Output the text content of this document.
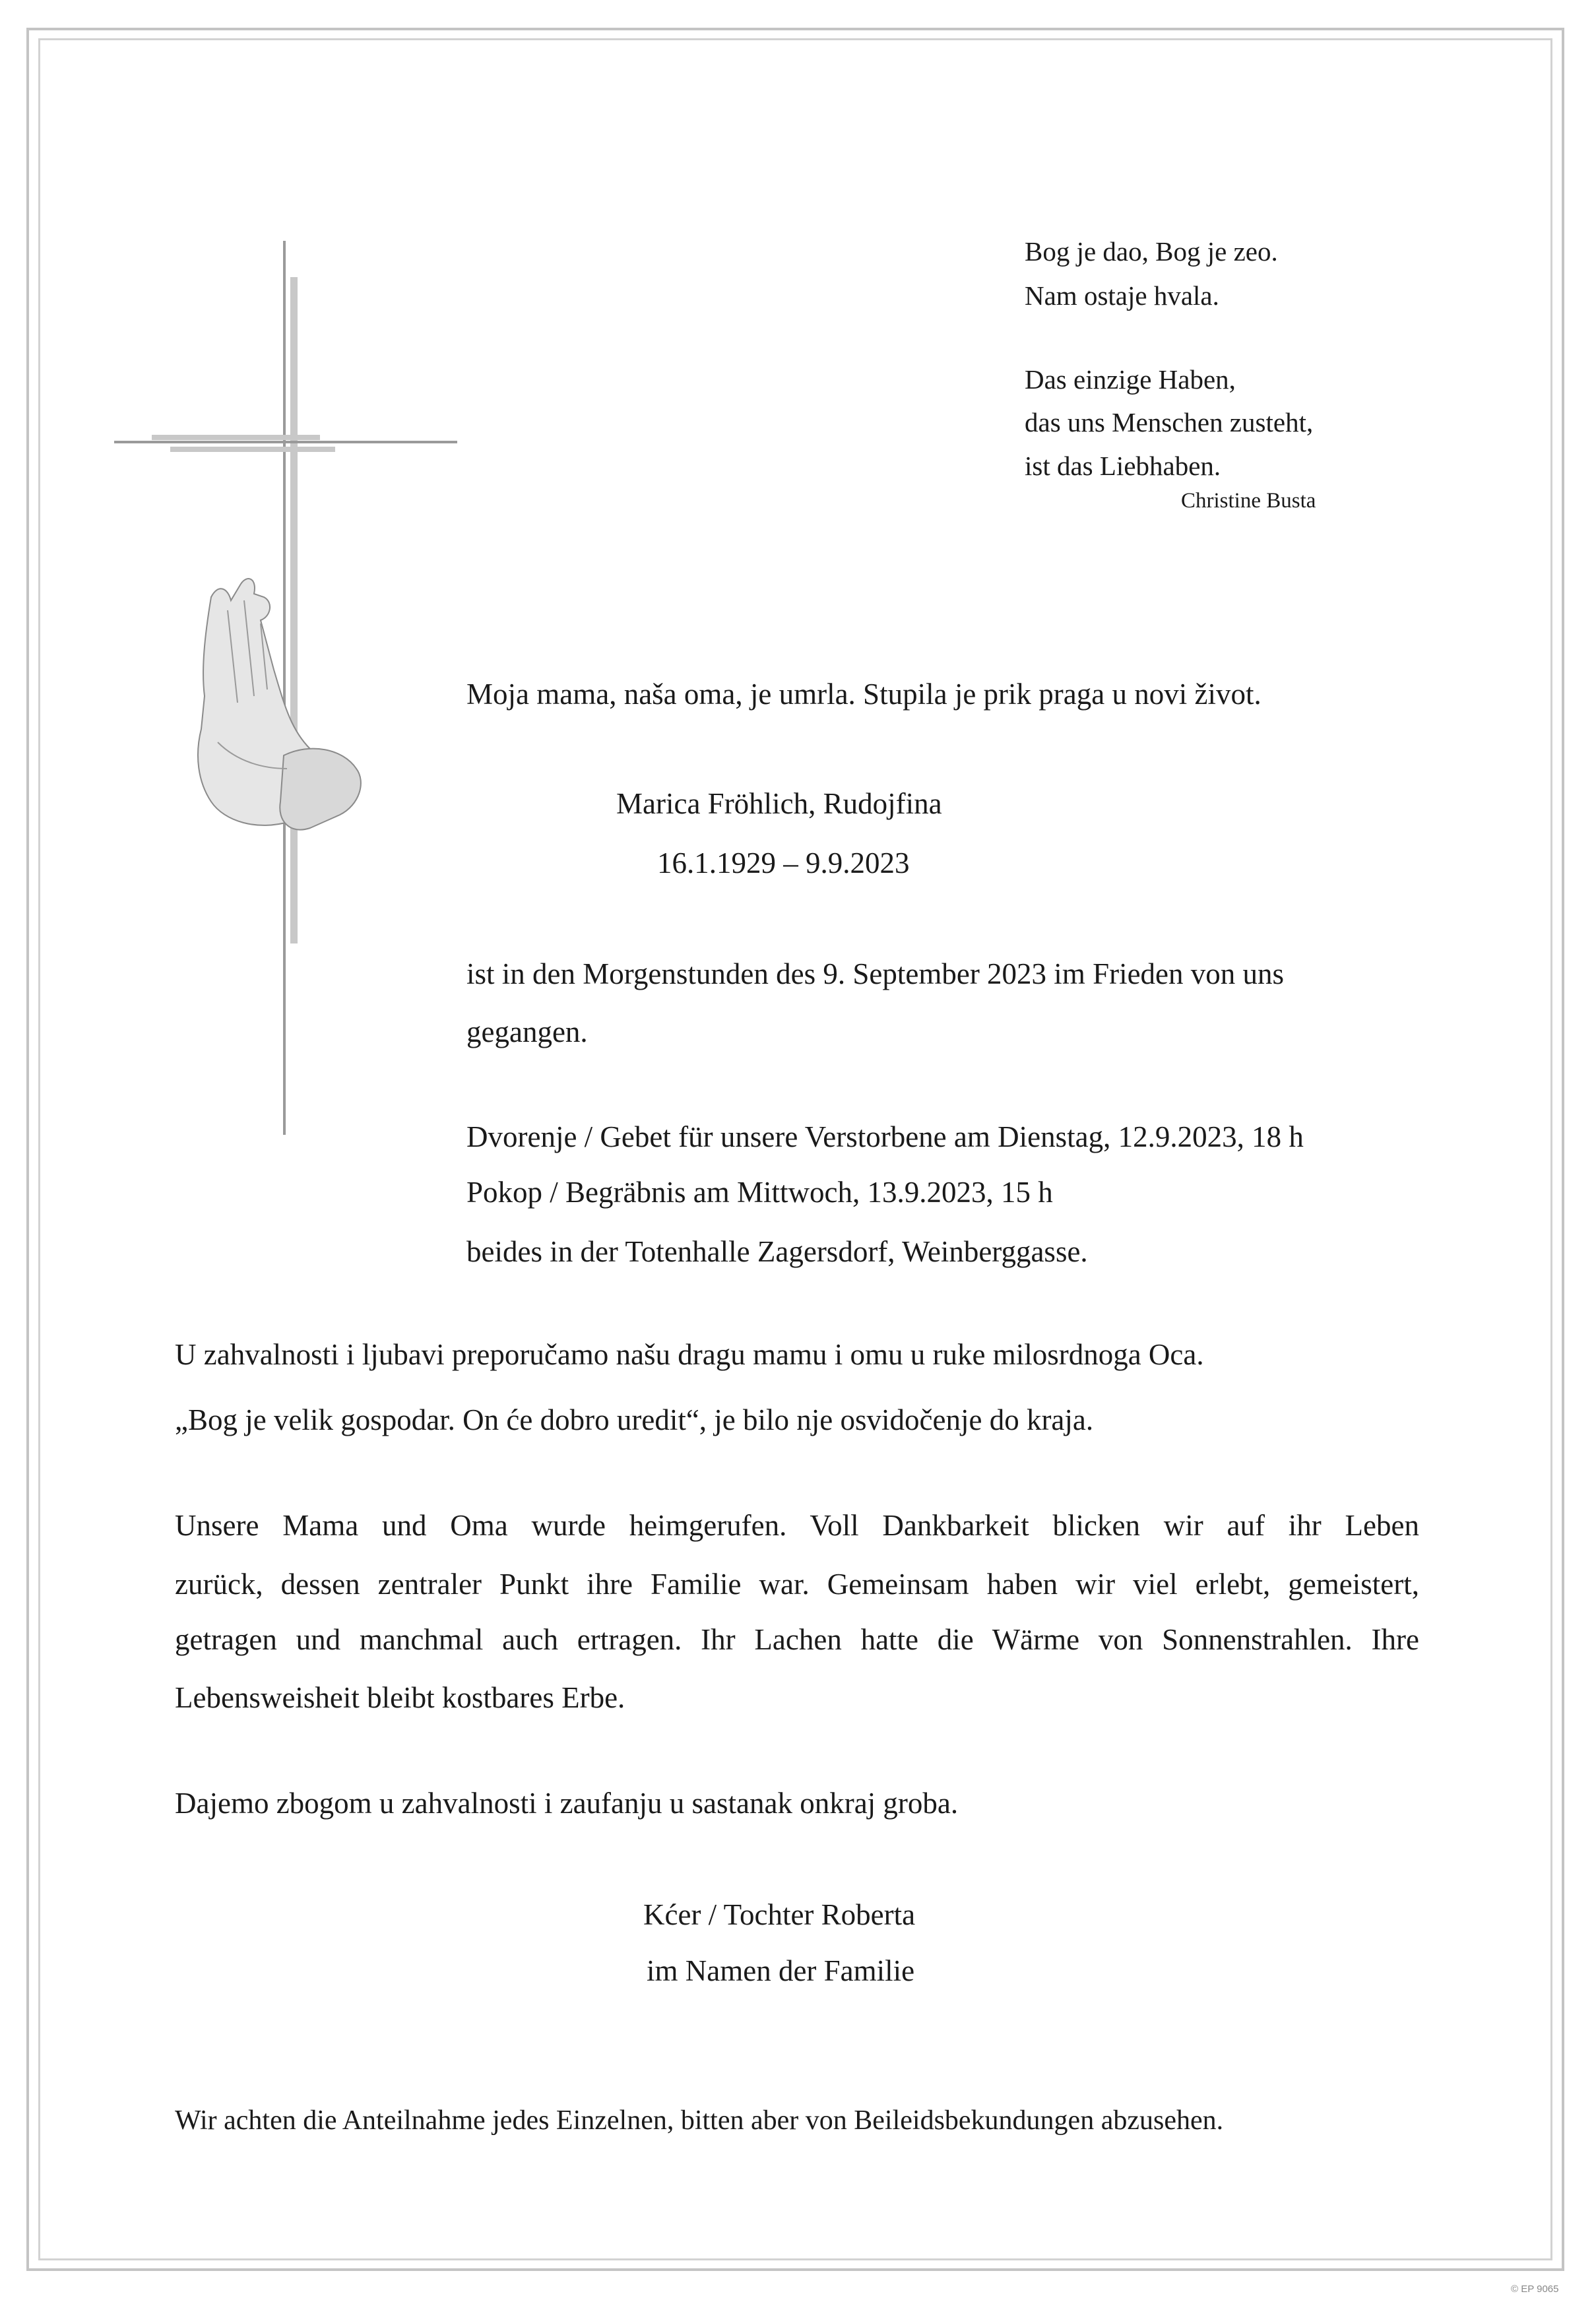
Bog je dao, Bog je zeo.
Nam ostaje hvala.
Das einzige Haben,
das uns Menschen zusteht,
ist das Liebhaben.
Christine Busta
Moja mama, naša oma, je umrla. Stupila je prik praga u novi život.
Marica Fröhlich, Rudojfina
16.1.1929 – 9.9.2023
ist in den Morgenstunden des 9. September 2023 im Frieden von uns
gegangen.
Dvorenje / Gebet für unsere Verstorbene am Dienstag, 12.9.2023, 18 h
Pokop / Begräbnis am Mittwoch, 13.9.2023, 15 h
beides in der Totenhalle Zagersdorf, Weinberggasse.
U zahvalnosti i ljubavi preporučamo našu dragu mamu i omu u ruke milosrdnoga Oca.
„Bog je velik gospodar. On će dobro uredit“, je bilo nje osvidočenje do kraja.
Unsere Mama und Oma wurde heimgerufen. Voll Dankbarkeit blicken wir auf ihr Leben
zurück, dessen zentraler Punkt ihre Familie war. Gemeinsam haben wir viel erlebt, gemeistert,
getragen und manchmal auch ertragen. Ihr Lachen hatte die Wärme von Sonnenstrahlen. Ihre
Lebensweisheit bleibt kostbares Erbe.
Dajemo zbogom u zahvalnosti i zaufanju u sastanak onkraj groba.
Kćer / Tochter Roberta
im Namen der Familie
Wir achten die Anteilnahme jedes Einzelnen, bitten aber von Beileidsbekundungen abzusehen.
© EP 9065
